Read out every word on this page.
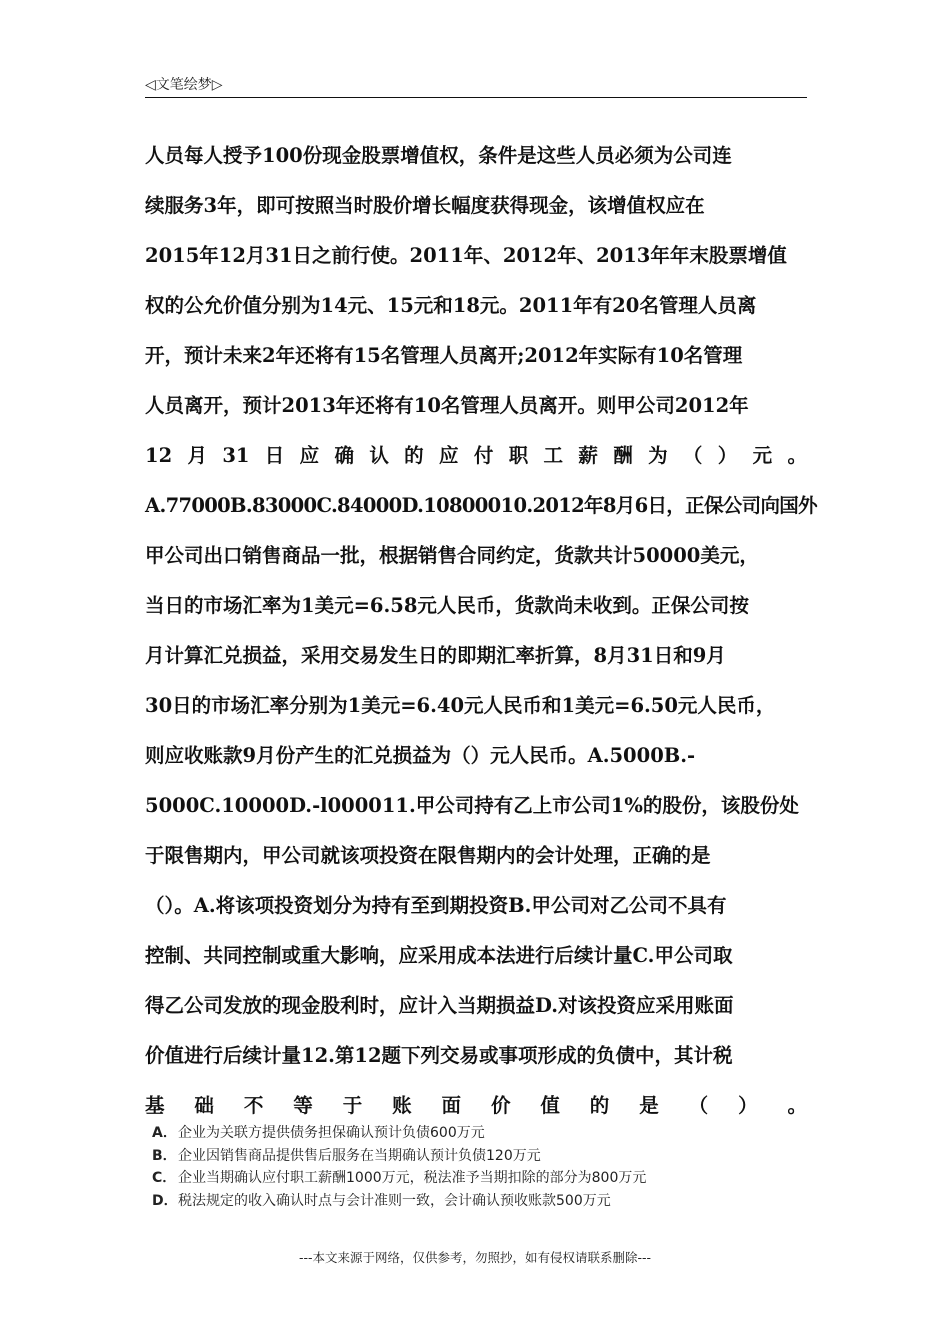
◁文笔绘梦▷
人员每人授予100份现金股票增值权，条件是这些人员必须为公司连
续服务3年，即可按照当时股价增长幅度获得现金，该增值权应在
2015年12月31日之前行使。2011年、2012年、2013年年末股票增值
权的公允价值分别为14元、15元和18元。2011年有20名管理人员离
开，预计未来2年还将有15名管理人员离开;2012年实际有10名管理
人员离开，预计2013年还将有10名管理人员离开。则甲公司2012年
12 月 31 日 应 确 认 的 应 付 职 工 薪 酬 为 （ ） 元 。
A.77000B.83000C.84000D.10800010.2012年8月6日，正保公司向国外
甲公司出口销售商品一批，根据销售合同约定，货款共计50000美元，
当日的市场汇率为1美元=6.58元人民币，货款尚未收到。正保公司按
月计算汇兑损益，采用交易发生日的即期汇率折算，8月31日和9月
30日的市场汇率分别为1美元=6.40元人民币和1美元=6.50元人民币，
则应收账款9月份产生的汇兑损益为（）元人民币。A.5000B.-
5000C.10000D.-l000011.甲公司持有乙上市公司1%的股份，该股份处
于限售期内，甲公司就该项投资在限售期内的会计处理，正确的是
（）。A.将该项投资划分为持有至到期投资B.甲公司对乙公司不具有
控制、共同控制或重大影响，应采用成本法进行后续计量C.甲公司取
得乙公司发放的现金股利时，应计入当期损益D.对该投资应采用账面
价值进行后续计量12.第12题下列交易或事项形成的负债中，其计税
基 础 不 等 于 账 面 价 值 的 是 （ ） 。
A．企业为关联方提供债务担保确认预计负债600万元
B．企业因销售商品提供售后服务在当期确认预计负债120万元
C． 企业当期确认应付职工薪酬1000万元，税法准予当期扣除的部分为800万元
D．税法规定的收入确认时点与会计准则一致，会计确认预收账款500万元
---本文来源于网络，仅供参考，勿照抄，如有侵权请联系删除---
